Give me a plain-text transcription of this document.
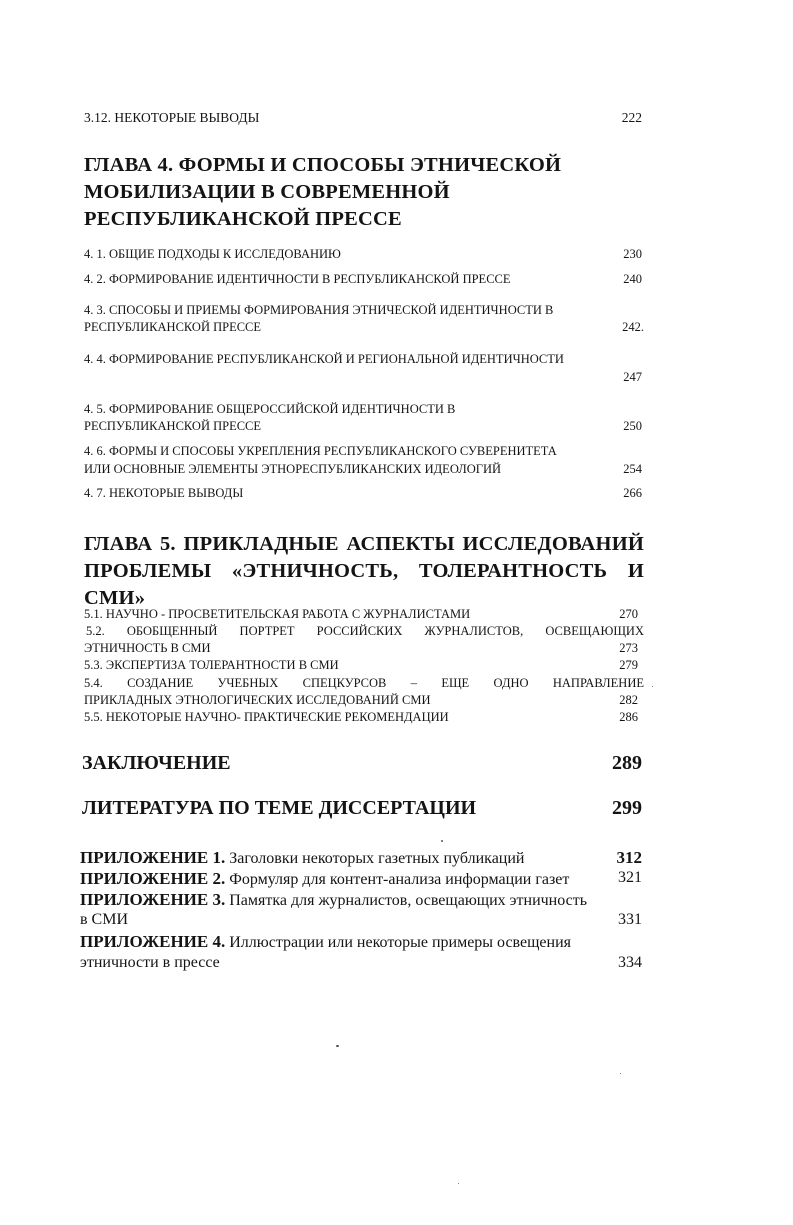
3.12. НЕКОТОРЫЕ ВЫВОДЫ	222
ГЛАВА 4. ФОРМЫ И СПОСОБЫ ЭТНИЧЕСКОЙ
МОБИЛИЗАЦИИ В СОВРЕМЕННОЙ
РЕСПУБЛИКАНСКОЙ ПРЕССЕ
4. 1. ОБЩИЕ ПОДХОДЫ К ИССЛЕДОВАНИЮ	230
4. 2. ФОРМИРОВАНИЕ ИДЕНТИЧНОСТИ В РЕСПУБЛИКАНСКОЙ ПРЕССЕ	240
4. 3. СПОСОБЫ И ПРИЕМЫ ФОРМИРОВАНИЯ ЭТНИЧЕСКОЙ ИДЕНТИЧНОСТИ В
РЕСПУБЛИКАНСКОЙ ПРЕССЕ	242.
4. 4. ФОРМИРОВАНИЕ РЕСПУБЛИКАНСКОЙ И РЕГИОНАЛЬНОЙ ИДЕНТИЧНОСТИ
247
4. 5. ФОРМИРОВАНИЕ ОБЩЕРОССИЙСКОЙ ИДЕНТИЧНОСТИ В
РЕСПУБЛИКАНСКОЙ ПРЕССЕ	250
4. 6. ФОРМЫ И СПОСОБЫ УКРЕПЛЕНИЯ РЕСПУБЛИКАНСКОГО СУВЕРЕНИТЕТА
ИЛИ ОСНОВНЫЕ ЭЛЕМЕНТЫ ЭТНОРЕСПУБЛИКАНСКИХ ИДЕОЛОГИЙ	254
4. 7. НЕКОТОРЫЕ ВЫВОДЫ	266
ГЛАВА 5. ПРИКЛАДНЫЕ АСПЕКТЫ ИССЛЕДОВАНИЙ
ПРОБЛЕМЫ «ЭТНИЧНОСТЬ, ТОЛЕРАНТНОСТЬ И СМИ»
5.1. НАУЧНО - ПРОСВЕТИТЕЛЬСКАЯ РАБОТА С ЖУРНАЛИСТАМИ	270
5.2. ОБОБЩЕННЫЙ ПОРТРЕТ РОССИЙСКИХ ЖУРНАЛИСТОВ, ОСВЕЩАЮЩИХ
ЭТНИЧНОСТЬ В СМИ	273
5.3. ЭКСПЕРТИЗА ТОЛЕРАНТНОСТИ В СМИ	279
5.4. СОЗДАНИЕ УЧЕБНЫХ СПЕЦКУРСОВ – ЕЩЕ ОДНО НАПРАВЛЕНИЕ
ПРИКЛАДНЫХ ЭТНОЛОГИЧЕСКИХ ИССЛЕДОВАНИЙ СМИ	282
5.5. НЕКОТОРЫЕ НАУЧНО- ПРАКТИЧЕСКИЕ РЕКОМЕНДАЦИИ	286
ЗАКЛЮЧЕНИЕ	289
ЛИТЕРАТУРА ПО ТЕМЕ ДИССЕРТАЦИИ	299
ПРИЛОЖЕНИЕ 1. Заголовки некоторых газетных публикаций	312
ПРИЛОЖЕНИЕ 2. Формуляр для контент-анализа информации газет	321
ПРИЛОЖЕНИЕ 3. Памятка для журналистов, освещающих этничность
в СМИ	331
ПРИЛОЖЕНИЕ 4. Иллюстрации или некоторые примеры освещения
этничности в прессе	334
